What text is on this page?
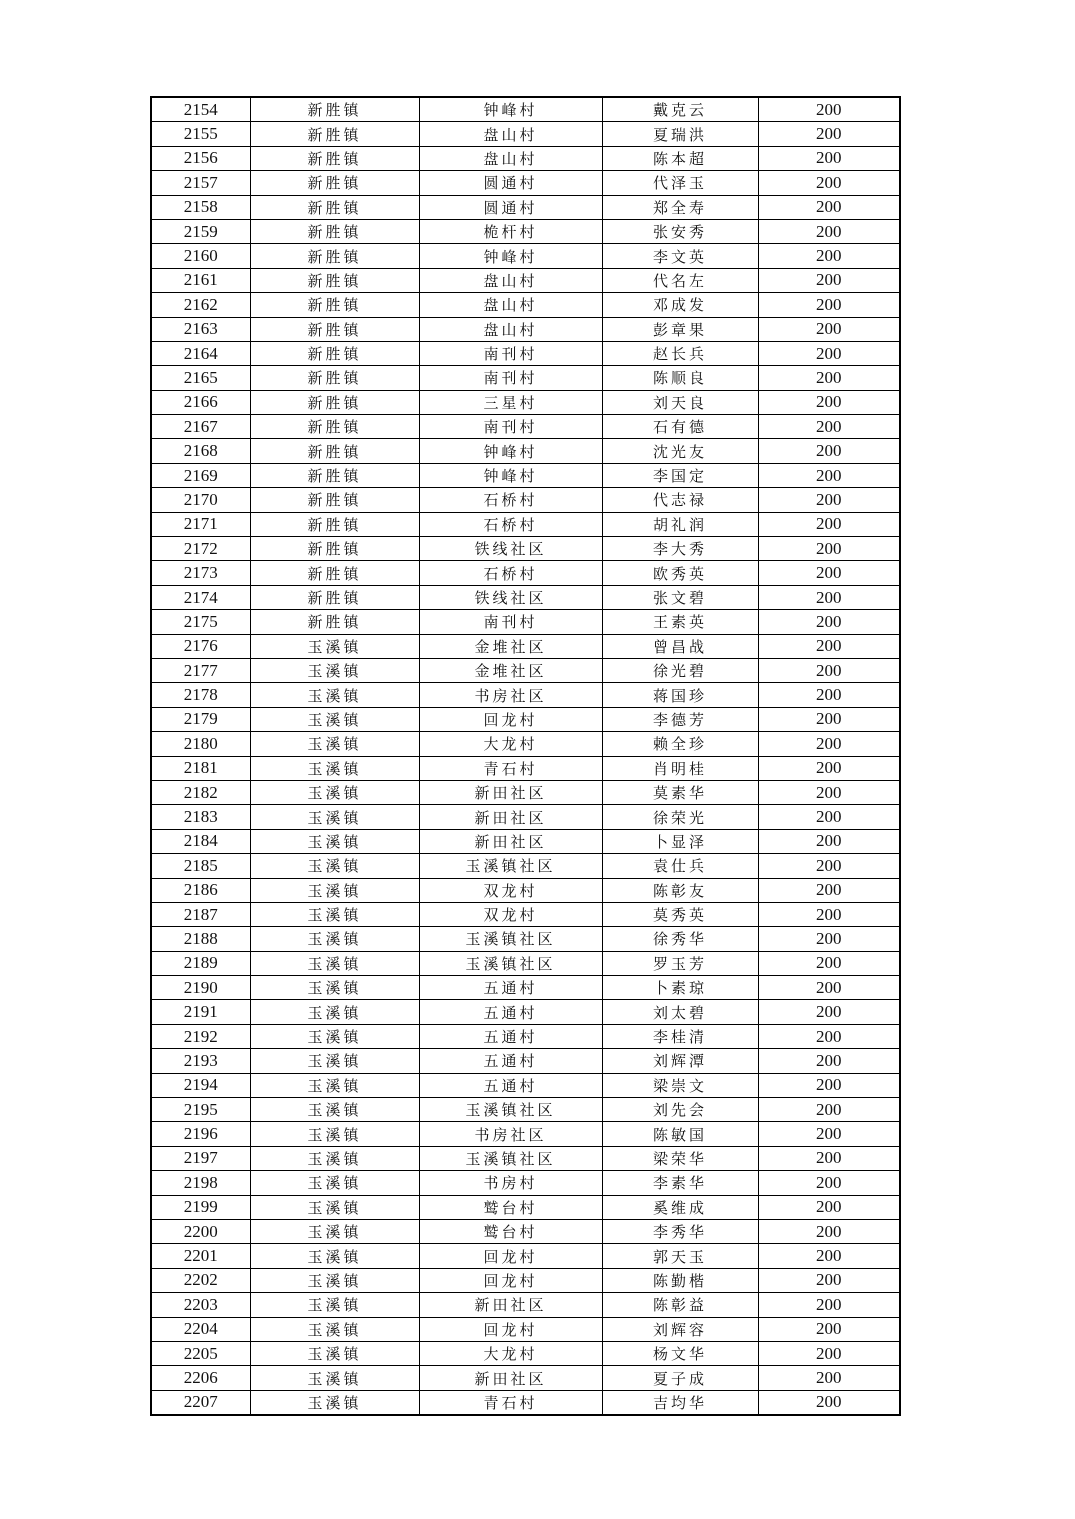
2154	新胜镇	钟峰村	戴克云	200
2155	新胜镇	盘山村	夏瑞洪	200
2156	新胜镇	盘山村	陈本超	200
2157	新胜镇	圆通村	代泽玉	200
2158	新胜镇	圆通村	郑全寿	200
2159	新胜镇	桅杆村	张安秀	200
2160	新胜镇	钟峰村	李文英	200
2161	新胜镇	盘山村	代名左	200
2162	新胜镇	盘山村	邓成发	200
2163	新胜镇	盘山村	彭章果	200
2164	新胜镇	南刊村	赵长兵	200
2165	新胜镇	南刊村	陈顺良	200
2166	新胜镇	三星村	刘天良	200
2167	新胜镇	南刊村	石有德	200
2168	新胜镇	钟峰村	沈光友	200
2169	新胜镇	钟峰村	李国定	200
2170	新胜镇	石桥村	代志禄	200
2171	新胜镇	石桥村	胡礼润	200
2172	新胜镇	铁线社区	李大秀	200
2173	新胜镇	石桥村	欧秀英	200
2174	新胜镇	铁线社区	张文碧	200
2175	新胜镇	南刊村	王素英	200
2176	玉溪镇	金堆社区	曾昌战	200
2177	玉溪镇	金堆社区	徐光碧	200
2178	玉溪镇	书房社区	蒋国珍	200
2179	玉溪镇	回龙村	李德芳	200
2180	玉溪镇	大龙村	赖全珍	200
2181	玉溪镇	青石村	肖明桂	200
2182	玉溪镇	新田社区	莫素华	200
2183	玉溪镇	新田社区	徐荣光	200
2184	玉溪镇	新田社区	卜显泽	200
2185	玉溪镇	玉溪镇社区	袁仕兵	200
2186	玉溪镇	双龙村	陈彰友	200
2187	玉溪镇	双龙村	莫秀英	200
2188	玉溪镇	玉溪镇社区	徐秀华	200
2189	玉溪镇	玉溪镇社区	罗玉芳	200
2190	玉溪镇	五通村	卜素琼	200
2191	玉溪镇	五通村	刘太碧	200
2192	玉溪镇	五通村	李桂清	200
2193	玉溪镇	五通村	刘辉潭	200
2194	玉溪镇	五通村	梁崇文	200
2195	玉溪镇	玉溪镇社区	刘先会	200
2196	玉溪镇	书房社区	陈敏国	200
2197	玉溪镇	玉溪镇社区	梁荣华	200
2198	玉溪镇	书房村	李素华	200
2199	玉溪镇	鹫台村	奚维成	200
2200	玉溪镇	鹫台村	李秀华	200
2201	玉溪镇	回龙村	郭天玉	200
2202	玉溪镇	回龙村	陈勤楷	200
2203	玉溪镇	新田社区	陈彰益	200
2204	玉溪镇	回龙村	刘辉容	200
2205	玉溪镇	大龙村	杨文华	200
2206	玉溪镇	新田社区	夏子成	200
2207	玉溪镇	青石村	吉均华	200
